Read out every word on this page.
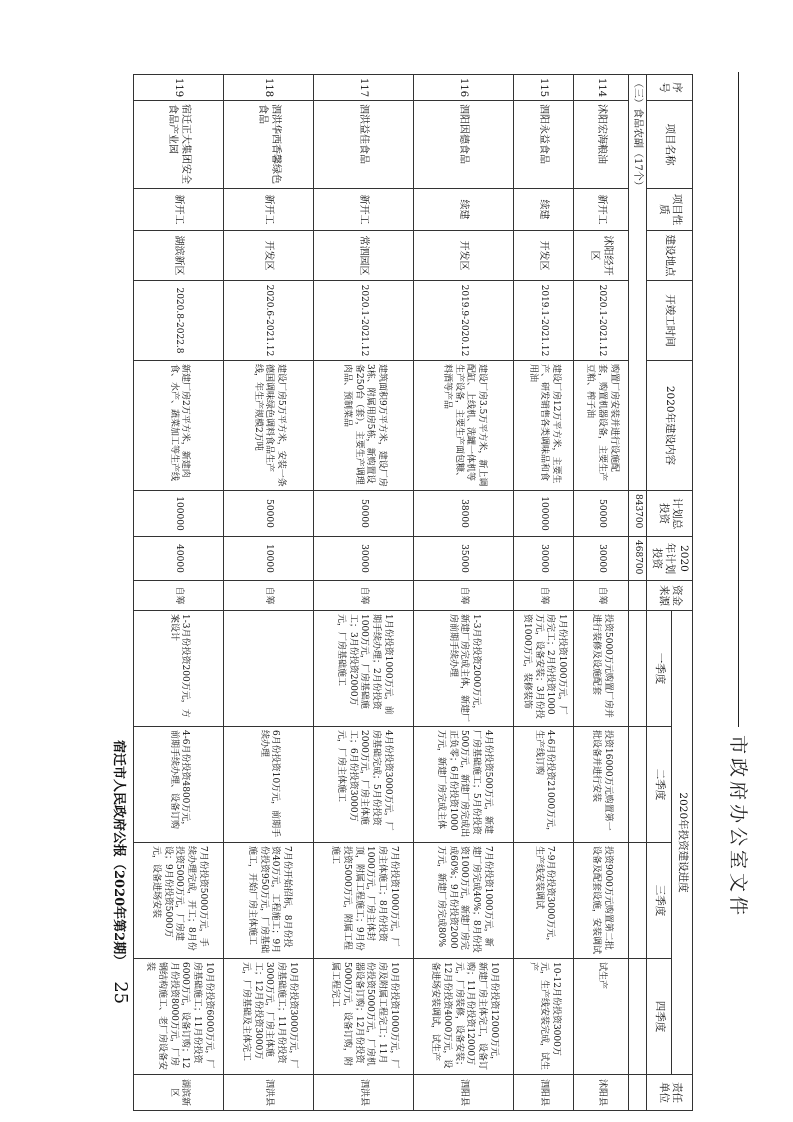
市政府办公室文件
宿迁市人民政府公报（2020年第2期）
25
序号	项目名称	项目性质	建设地点	开竣工时间	2020年建设内容	计划总投资	2020年计划投资	资金来源	2020年投资建设进度				责任单位
									一季度	二季度	三季度	四季度	
（三）食品农副（17个）						843700	468700						
114	沭阳宏海粮油	新开工	沭阳经开区	2020.1-2021.12	购置厂房安装并进行设施配套，购置机器设备，主要生产豆粕、榨子油	50000	30000	自筹	投资5000万元购置厂房并进行装修及设施配套	投资16000万元购置第一批设备并进行安装	投资9000万元购置第二批设备及配套设施，安装调试	试生产	沭阳县
115	泗阳永益食品	续建	开发区	2019.1-2021.12	建设厂房12万平方米，主要生产、研发销售各类调味品和食用油	100000	30000	自筹	1月份投资1000万元，厂房完工；2月份投资1000万元，设备安装；3月份投资1000万元，装修装饰	4-6月份投资21000万元，生产线订购	7-9月份投资3000万元，生产线安装调试	10-12月份投资3000万元，生产线安装完成，试生产	泗阳县
116	泗阳因德食品	续建	开发区	2019.9-2020.12	建设厂房3.5万平方米，新上调配缸、上线机、洗罐一体机等生产设备，主要生产面包糠、料酒等产品	38000	35000	自筹	1-3月份投资2000万元，新建厂房完成主体，新建厂房前期手续办理	4月份投资500万元，新建厂房基础施工；5月份投资500万元，新建厂房完成出正负零；6月份投资1000万元，新建厂房完成主体	7月份投资1000万元，新建厂房完成40%；8月份投资1000万元，新建厂房完成60%；9月份投资2000万元，新建厂房完成80%	10月份投资12000万元，新建厂房主体完工，设备订购；11月份投资12000万元，厂房装修，设备安装；12月份投资4000万元，设备进场安装调试，试生产	泗阳县
117	泗洪益佳食品	新开工	常泗园区	2020.1-2021.12	建筑面积9万平方米，建设厂房3栋、附属用房5栋，新购置设备250台（套），主要生产调理肉品、预制菜品	50000	30000	自筹	1月份投资1000万元，前期手续办理；2月份投资1000万元，厂房基础施工；3月份投资2000万元，厂房基础施工	4月份投资3000万元，厂房基础完成；5月份投资2000万元，厂房主体施工；6月份投资3000万元，厂房主体施工	7月份投资1000万元，厂房主体施工；8月份投资1000万元，厂房主体封顶，附属工程施工；9月份投资5000万元，附属工程施工	10月份投资1000万元，厂房及附属工程完工；11月份投资5000万元，厂房机器设备订购；12月份投资5000万元，设备订购，附属工程完工	泗洪县
118	泗洪华西香馨绿色食品	新开工	开发区	2020.6-2021.12	建设厂房5万平方米，安装一条德国调味绿色调料食品生产线，年生产规模2万吨	50000	10000	自筹		6月份投资10万元，前期手续办理	7月份开始招标，8月份投资40万元，工程施工；9月份投资950万元，厂房基础施工，开始厂房主体施工	10月份投资3000万元，厂房基础施工；11月份投资3000万元，厂房主体施工；12月份投资3000万元，厂房基础及主体完工	泗洪县
119	宿迁正大集团安全食品产业园	新开工	湖滨新区	2020.8-2022.8	新建厂房2万平方米，新建肉食、水产、蔬菜加工等生产线	100000	40000	自筹	1-3月份投资200万元，方案设计	4-6月份投资4800万元，前期手续办理、设备订购	7月份投资5000万元，手续办理完成，开工；8月份投资5000万元，厂房建设；9月份投资5000万元，设备进场安装	10月份投资6000万元，厂房基础施工；11月份投资6000万元，设备订购；12月份投资8000万元，厂房钢结构施工、老厂房设备安装	湖滨新区
